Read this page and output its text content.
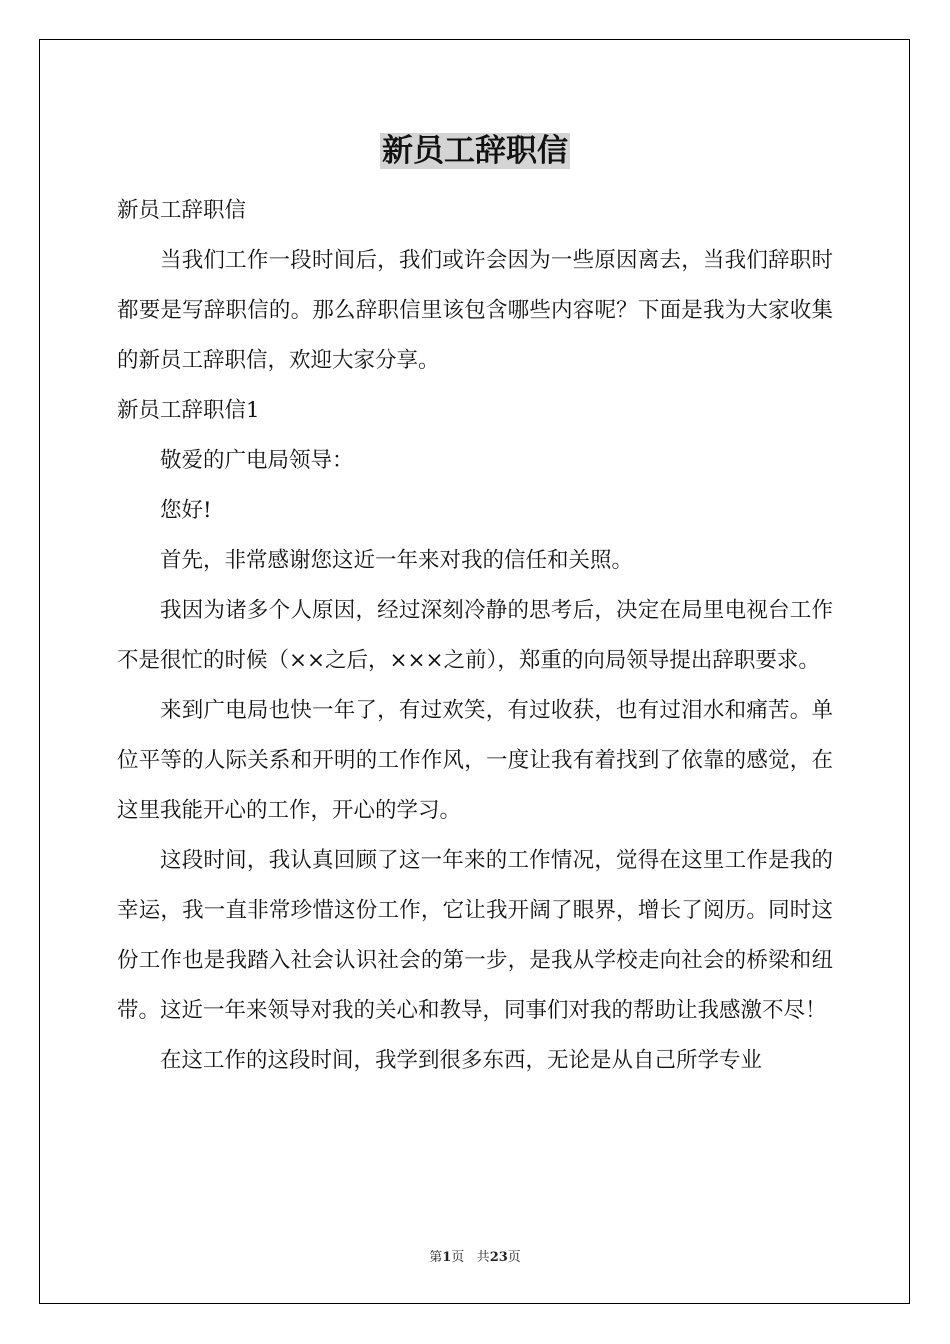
新员工辞职信

新员工辞职信

当我们工作一段时间后，我们或许会因为一些原因离去，当我们辞职时都要是写辞职信的。那么辞职信里该包含哪些内容呢？下面是我为大家收集的新员工辞职信，欢迎大家分享。

新员工辞职信1

敬爱的广电局领导：

您好!

首先，非常感谢您这近一年来对我的信任和关照。

我因为诸多个人原因，经过深刻冷静的思考后，决定在局里电视台工作不是很忙的时候（××之后，×××之前），郑重的向局领导提出辞职要求。

来到广电局也快一年了，有过欢笑，有过收获，也有过泪水和痛苦。单位平等的人际关系和开明的工作作风，一度让我有着找到了依靠的感觉，在这里我能开心的工作，开心的学习。

这段时间，我认真回顾了这一年来的工作情况，觉得在这里工作是我的幸运，我一直非常珍惜这份工作，它让我开阔了眼界，增长了阅历。同时这份工作也是我踏入社会认识社会的第一步，是我从学校走向社会的桥梁和纽带。这近一年来领导对我的关心和教导，同事们对我的帮助让我感激不尽！

在这工作的这段时间，我学到很多东西，无论是从自己所学专业

第1页 共23页
